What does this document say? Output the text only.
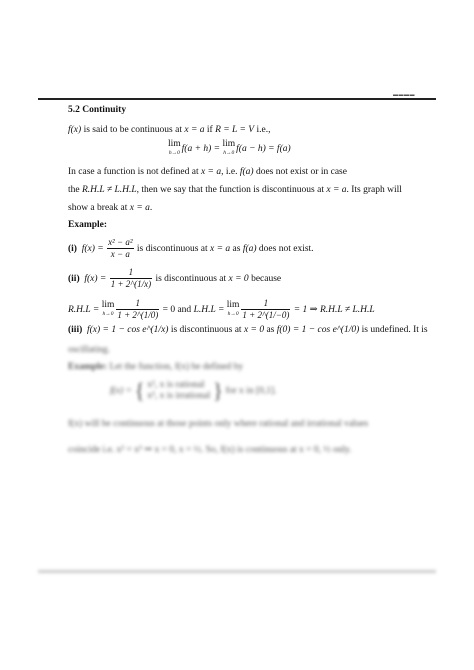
▬▬▬▬
5.2 Continuity
f(x) is said to be continuous at x = a if R = L = V i.e.,
lim
h→0 f(a + h) =
lim
h→0 f(a − h) = f(a)
In case a function is not defined at x = a, i.e. f(a) does not exist or in case
the R.H.L ≠ L.H.L, then we say that the function is discontinuous at x = a. Its graph will
show a break at x = a.
Example:
(i) $f(x) = \frac{\text{x² − a²}}{x - a}$ is discontinuous at x = a as f(a) does not exist.
(ii) $f(x) = \frac{1}{1 + 2\^{}(1/x)}$ is discontinuous at x = 0 because
R.H.L =
lim
$h\to 0 \frac{1}{1 + 2\^{}(1/0)} = 0$ and L.H.L =
lim
$h\to 0 \frac{1}{1 + 2\^{}(1/-0)} = 1$ ⇒ R.H.L ≠ L.H.L
(iii) f(x) = 1 − cos e^(1/x) is discontinuous at x = 0 as f(0) = 1 − cos e^(1/0) is undefined. It is
oscillating.
Example: Let the function, f(x) be defined by
f(x) = { x², x is rational
x³, x is irrational } for x in [0,1].
f(x) will be continuous at those points only where rational and irrational values
coincide i.e. x² = x³ ⇒ x = 0, x = ½. So, f(x) is continuous at x = 0, ½ only.
